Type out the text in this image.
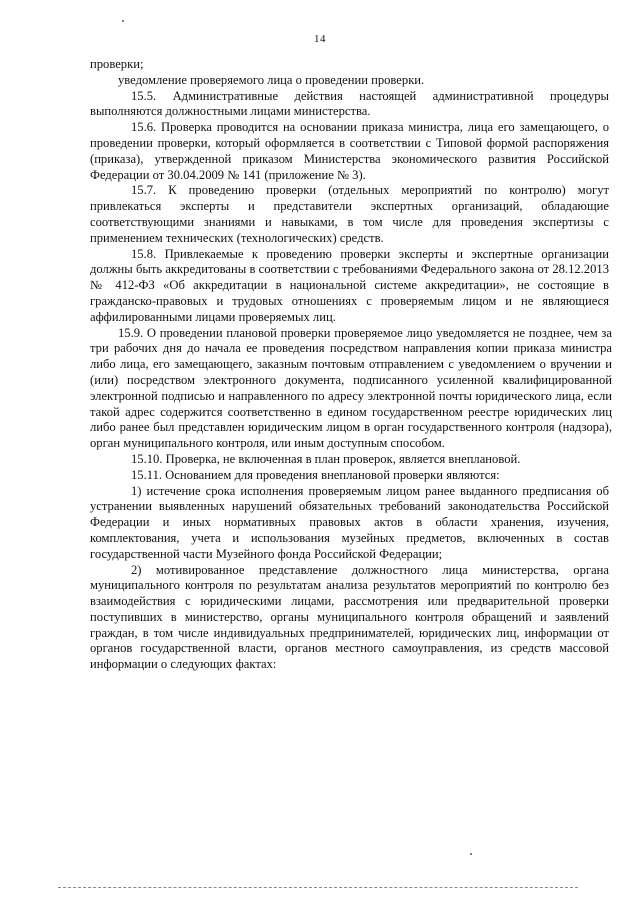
14

проверки;

уведомление проверяемого лица о проведении проверки.

15.5. Административные действия настоящей административной процедуры выполняются должностными лицами министерства.

15.6. Проверка проводится на основании приказа министра, лица его замещающего, о проведении проверки, который оформляется в соответствии с Типовой формой распоряжения (приказа), утвержденной приказом Министерства экономического развития Российской Федерации от 30.04.2009 № 141 (приложение № 3).

15.7. К проведению проверки (отдельных мероприятий по контролю) могут привлекаться эксперты и представители экспертных организаций, обладающие соответствующими знаниями и навыками, в том числе для проведения экспертизы с применением технических (технологических) средств.

15.8. Привлекаемые к проведению проверки эксперты и экспертные организации должны быть аккредитованы в соответствии с требованиями Федерального закона от 28.12.2013 № 412-ФЗ «Об аккредитации в национальной системе аккредитации», не состоящие в гражданско-правовых и трудовых отношениях с проверяемым лицом и не являющиеся аффилированными лицами проверяемых лиц.

15.9. О проведении плановой проверки проверяемое лицо уведомляется не позднее, чем за три рабочих дня до начала ее проведения посредством направления копии приказа министра либо лица, его замещающего, заказным почтовым отправлением с уведомлением о вручении и (или) посредством электронного документа, подписанного усиленной квалифицированной электронной подписью и направленного по адресу электронной почты юридического лица, если такой адрес содержится соответственно в едином государственном реестре юридических лиц либо ранее был представлен юридическим лицом в орган государственного контроля (надзора), орган муниципального контроля, или иным доступным способом.

15.10. Проверка, не включенная в план проверок, является внеплановой.

15.11. Основанием для проведения внеплановой проверки являются:

1) истечение срока исполнения проверяемым лицом ранее выданного предписания об устранении выявленных нарушений обязательных требований законодательства Российской Федерации и иных нормативных правовых актов в области хранения, изучения, комплектования, учета и использования музейных предметов, включенных в состав государственной части Музейного фонда Российской Федерации;

2) мотивированное представление должностного лица министерства, органа муниципального контроля по результатам анализа результатов мероприятий по контролю без взаимодействия с юридическими лицами, рассмотрения или предварительной проверки поступивших в министерство, органы муниципального контроля обращений и заявлений граждан, в том числе индивидуальных предпринимателей, юридических лиц, информации от органов государственной власти, органов местного самоуправления, из средств массовой информации о следующих фактах:
